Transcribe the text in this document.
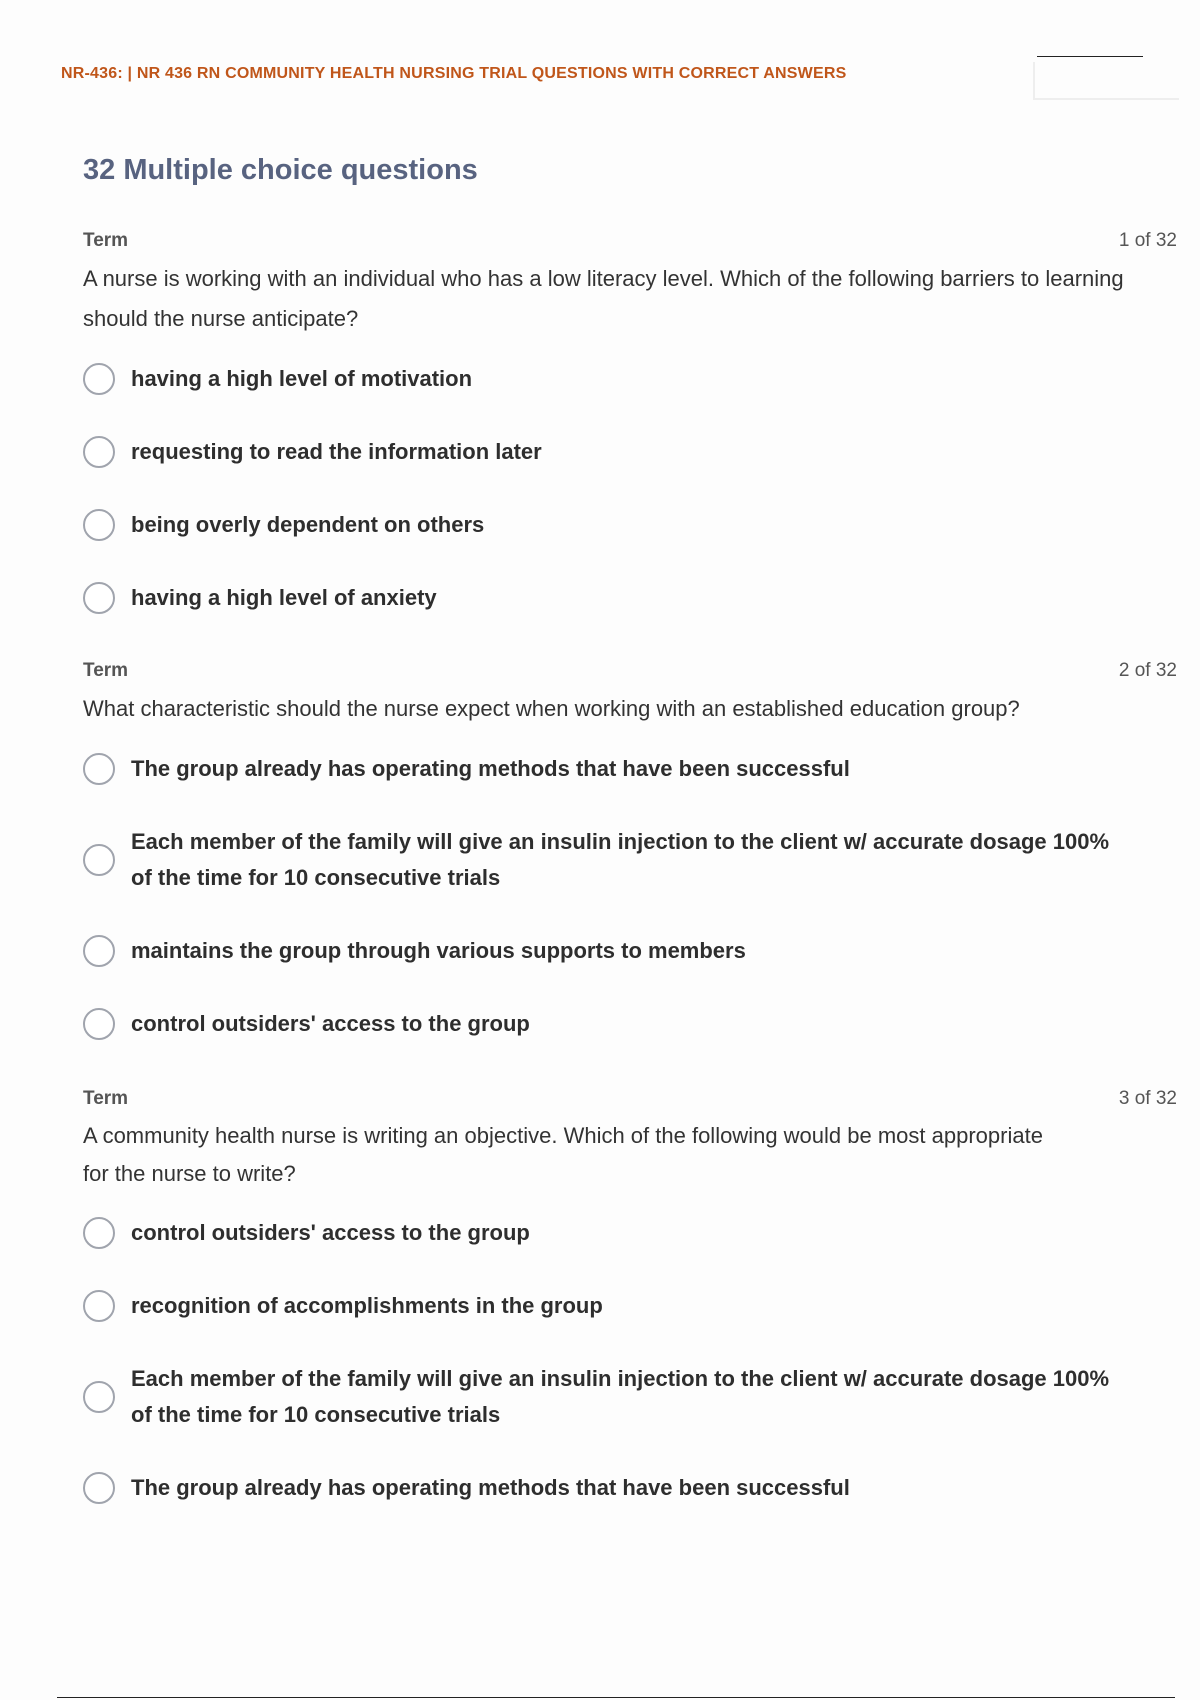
NR-436: | NR 436 RN COMMUNITY HEALTH NURSING TRIAL QUESTIONS WITH CORRECT ANSWERS
32 Multiple choice questions
Term	1 of 32
A nurse is working with an individual who has a low literacy level. Which of the following barriers to learning should the nurse anticipate?
having a high level of motivation
requesting to read the information later
being overly dependent on others
having a high level of anxiety
Term	2 of 32
What characteristic should the nurse expect when working with an established education group?
The group already has operating methods that have been successful
Each member of the family will give an insulin injection to the client w/ accurate dosage 100% of the time for 10 consecutive trials
maintains the group through various supports to members
control outsiders' access to the group
Term	3 of 32
A community health nurse is writing an objective. Which of the following would be most appropriate for the nurse to write?
control outsiders' access to the group
recognition of accomplishments in the group
Each member of the family will give an insulin injection to the client w/ accurate dosage 100% of the time for 10 consecutive trials
The group already has operating methods that have been successful
